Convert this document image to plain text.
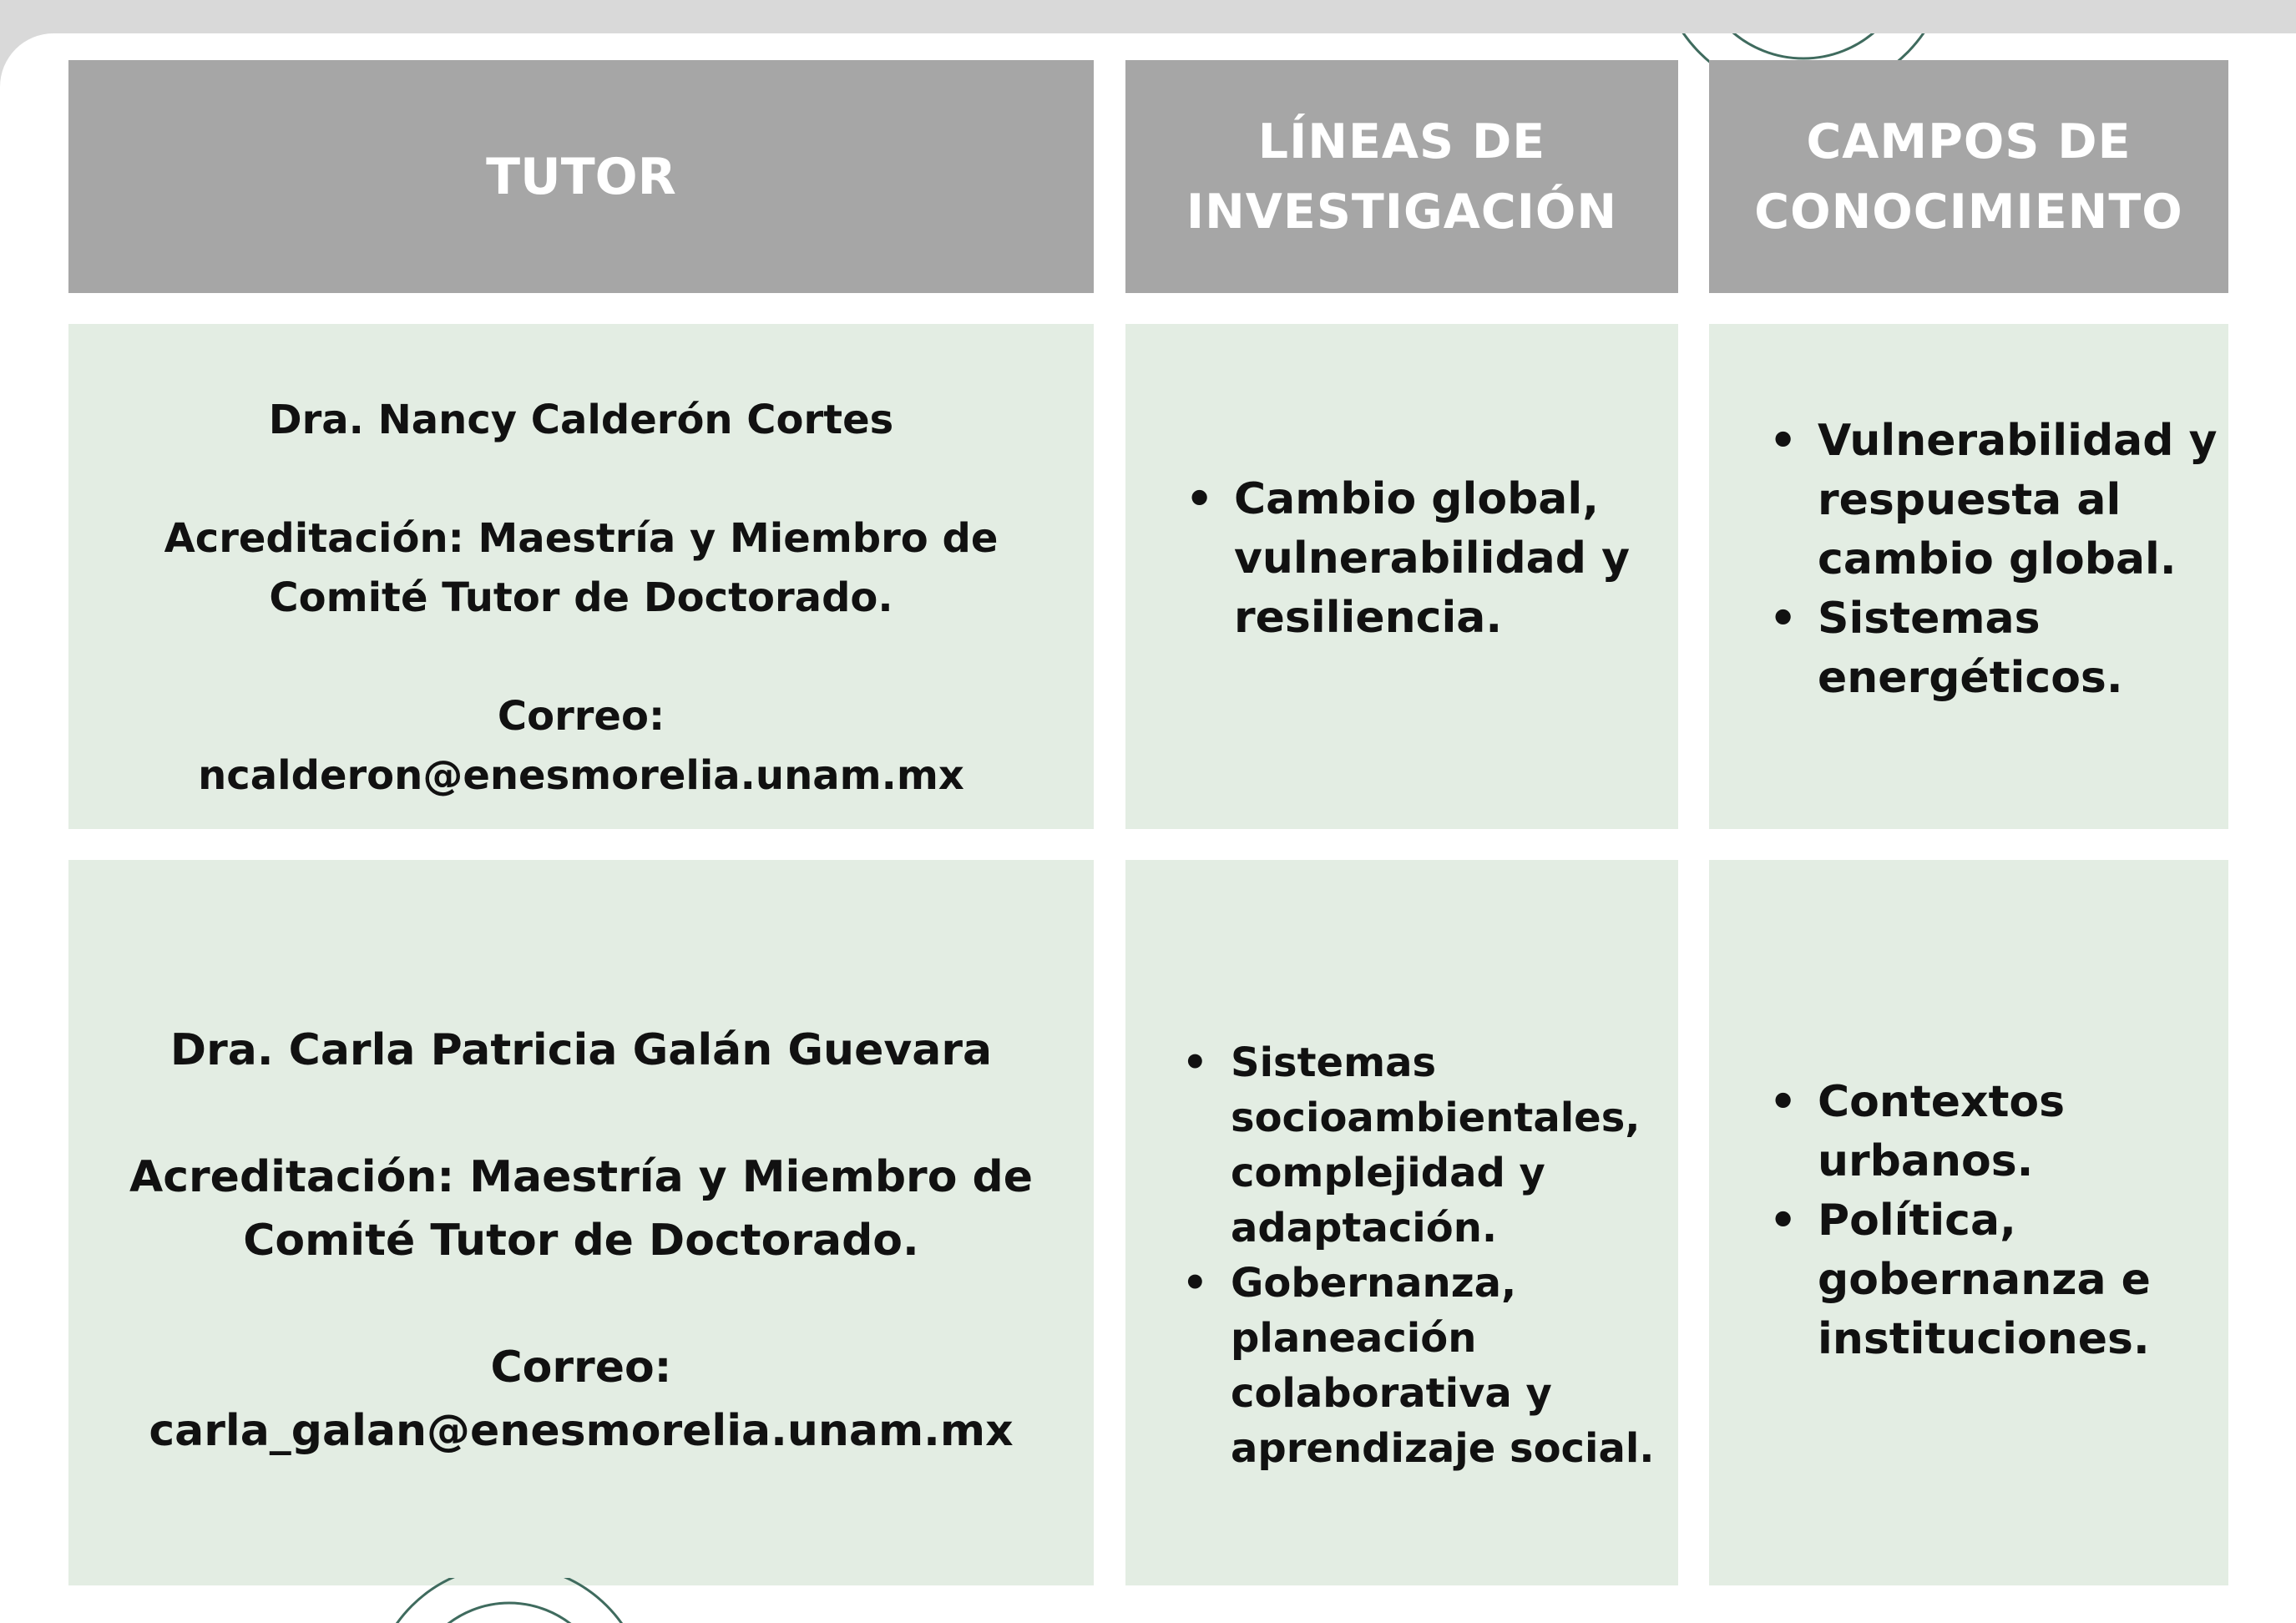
TUTOR
LÍNEAS DE
INVESTIGACIÓN
CAMPOS DE
CONOCIMIENTO

Dra. Nancy Calderón Cortes

Acreditación: Maestría y Miembro de

Comité Tutor de Doctorado.

Correo:

ncalderon@enesmorelia.unam.mx

• Cambio global,
vulnerabilidad y
resiliencia.
• Vulnerabilidad y
respuesta al
cambio global.
• Sistemas
energéticos.

Dra. Carla Patricia Galán Guevara

Acreditación: Maestría y Miembro de

Comité Tutor de Doctorado.

Correo:

carla_galan@enesmorelia.unam.mx

• Sistemas
socioambientales,
complejidad y
adaptación.
• Gobernanza,
planeación
colaborativa y
aprendizaje social.
• Contextos
urbanos.
• Política,
gobernanza e
instituciones.
